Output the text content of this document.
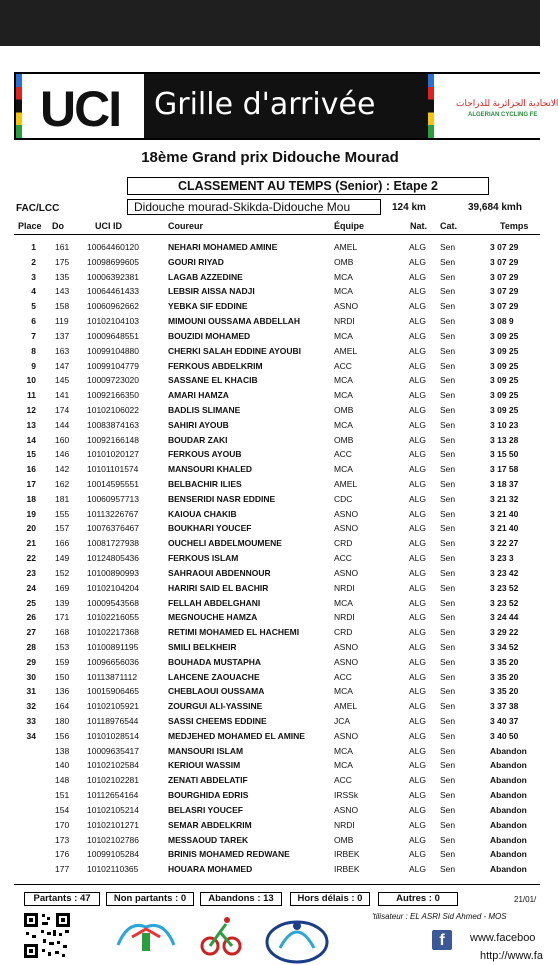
UCI Grille d'arrivée	الاتحادية الجزائرية للدراجات
ALGERIAN CYCLING FE
18ème Grand prix Didouche Mourad
CLASSEMENT AU TEMPS (Senior) : Etape 2
FAC/LCC	Didouche mourad-Skikda-Didouche Mou	124 km	39,684 kmh
Place Do	UCI ID	Coureur	Équipe	Nat. Cat.	Temps
1 161 10064460120	NEHARI MOHAMED AMINE	AMEL	ALG Sen	3 07 29
2 175 10098699605	GOURI RIYAD	OMB	ALG Sen	3 07 29
3 135 10006392381	LAGAB AZZEDINE	MCA	ALG Sen	3 07 29
4 143 10064461433	LEBSIR AISSA NADJI	MCA	ALG Sen	3 07 29
5 158 10060962662	YEBKA SIF EDDINE	ASNO	ALG Sen	3 07 29
6 119 10102104103	MIMOUNI OUSSAMA ABDELLAH	NRDI	ALG Sen	3 08 9
7 137 10009648551	BOUZIDI MOHAMED	MCA	ALG Sen	3 09 25
8 163 10099104880	CHERKI SALAH EDDINE AYOUBI	AMEL	ALG Sen	3 09 25
9 147 10099104779	FERKOUS ABDELKRIM	ACC	ALG Sen	3 09 25
10 145 10009723020	SASSANE EL KHACIB	MCA	ALG Sen	3 09 25
11 141 10092166350	AMARI HAMZA	MCA	ALG Sen	3 09 25
12 174 10102106022	BADLIS SLIMANE	OMB	ALG Sen	3 09 25
13 144 10083874163	SAHIRI AYOUB	MCA	ALG Sen	3 10 23
14 160 10092166148	BOUDAR ZAKI	OMB	ALG Sen	3 13 28
15 146 10101020127	FERKOUS AYOUB	ACC	ALG Sen	3 15 50
16 142 10101101574	MANSOURI KHALED	MCA	ALG Sen	3 17 58
17 162 10014595551	BELBACHIR ILIES	AMEL	ALG Sen	3 18 37
18 181 10060957713	BENSERIDI NASR EDDINE	CDC	ALG Sen	3 21 32
19 155 10113226767	KAIOUA CHAKIB	ASNO	ALG Sen	3 21 40
20 157 10076376467	BOUKHARI YOUCEF	ASNO	ALG Sen	3 21 40
21 166 10081727938	OUCHELI ABDELMOUMENE	CRD	ALG Sen	3 22 27
22 149 10124805436	FERKOUS ISLAM	ACC	ALG Sen	3 23 3
23 152 10100890993	SAHRAOUI ABDENNOUR	ASNO	ALG Sen	3 23 42
24 169 10102104204	HARIRI SAID EL BACHIR	NRDI	ALG Sen	3 23 52
25 139 10009543568	FELLAH ABDELGHANI	MCA	ALG Sen	3 23 52
26 171 10102216055	MEGNOUCHE HAMZA	NRDI	ALG Sen	3 24 44
27 168 10102217368	RETIMI MOHAMED EL HACHEMI	CRD	ALG Sen	3 29 22
28 153 10100891195	SMILI BELKHEIR	ASNO	ALG Sen	3 34 52
29 159 10096656036	BOUHADA MUSTAPHA	ASNO	ALG Sen	3 35 20
30 150 10113871112	LAHCENE ZAOUACHE	ACC	ALG Sen	3 35 20
31 136 10015906465	CHEBLAOUI OUSSAMA	MCA	ALG Sen	3 35 20
32 164 10102105921	ZOURGUI ALI-YASSINE	AMEL	ALG Sen	3 37 38
33 180 10118976544	SASSI CHEEMS EDDINE	JCA	ALG Sen	3 40 37
34 156 10101028514	MEDJEHED MOHAMED EL AMINE	ASNO	ALG Sen	3 40 50
138 10009635417	MANSOURI ISLAM	MCA	ALG Sen	Abandon
140 10102102584	KERIOUI WASSIM	MCA	ALG Sen	Abandon
148 10102102281	ZENATI ABDELATIF	ACC	ALG Sen	Abandon
151 10112654164	BOURGHIDA EDRIS	IRSSk	ALG Sen	Abandon
154 10102105214	BELASRI YOUCEF	ASNO	ALG Sen	Abandon
170 10102101271	SEMAR ABDELKRIM	NRDI	ALG Sen	Abandon
173 10102102786	MESSAOUD TAREK	OMB	ALG Sen	Abandon
176 10099105284	BRINIS MOHAMED REDWANE	IRBEK	ALG Sen	Abandon
177 10102110365	HOUARA MOHAMED	IRBEK	ALG Sen	Abandon
Partants : 47	Non partants : 0	Abandons : 13	Hors délais : 0	Autres : 0	21/01/
'tilisateur : EL ASRI Sid Ahmed - MOS
f	www.faceboo
http://www.fa
